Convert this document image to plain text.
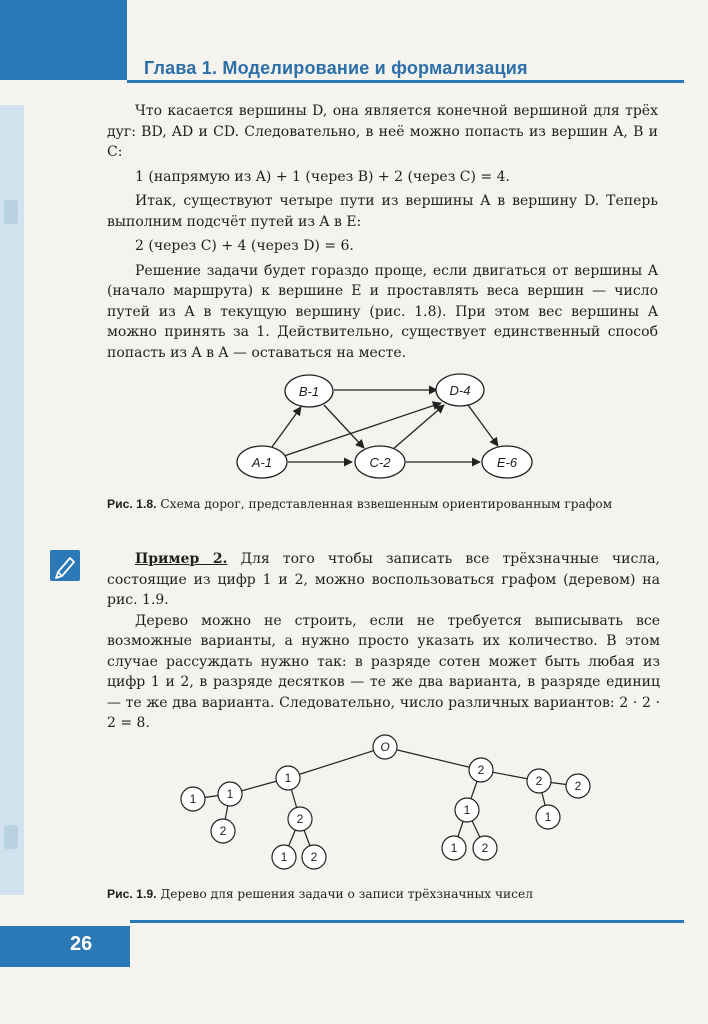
Глава 1. Моделирование и формализация

Что касается вершины D, она является конечной вершиной для трёх дуг: BD, AD и CD. Следовательно, в неё можно попасть из вершин A, B и C:

1 (напрямую из A) + 1 (через B) + 2 (через C) = 4.

Итак, существуют четыре пути из вершины A в вершину D. Теперь выполним подсчёт путей из A в E:

2 (через C) + 4 (через D) = 6.

Решение задачи будет гораздо проще, если двигаться от вершины A (начало маршрута) к вершине E и проставлять веса вершин — число путей из A в текущую вершину (рис. 1.8). При этом вес вершины A можно принять за 1. Действительно, существует единственный способ попасть из A в A — оставаться на месте.

B-1	D-4
A-1	C-2	E-6
O
1
1
1
2
2
1 2
2
2	2
1
1
1 2
Рис. 1.8. Схема дорог, представленная взвешенным ориентированным графом

Пример 2. Для того чтобы записать все трёхзначные числа, состоящие из цифр 1 и 2, можно воспользоваться графом (деревом) на рис. 1.9.

Дерево можно не строить, если не требуется выписывать все возможные варианты, а нужно просто указать их количество. В этом случае рассуждать нужно так: в разряде сотен может быть любая из цифр 1 и 2, в разряде десятков — те же два варианта, в разряде единиц — те же два варианта. Следовательно, число различных вариантов: 2 · 2 · 2 = 8.

Рис. 1.9. Дерево для решения задачи о записи трёхзначных чисел
26
